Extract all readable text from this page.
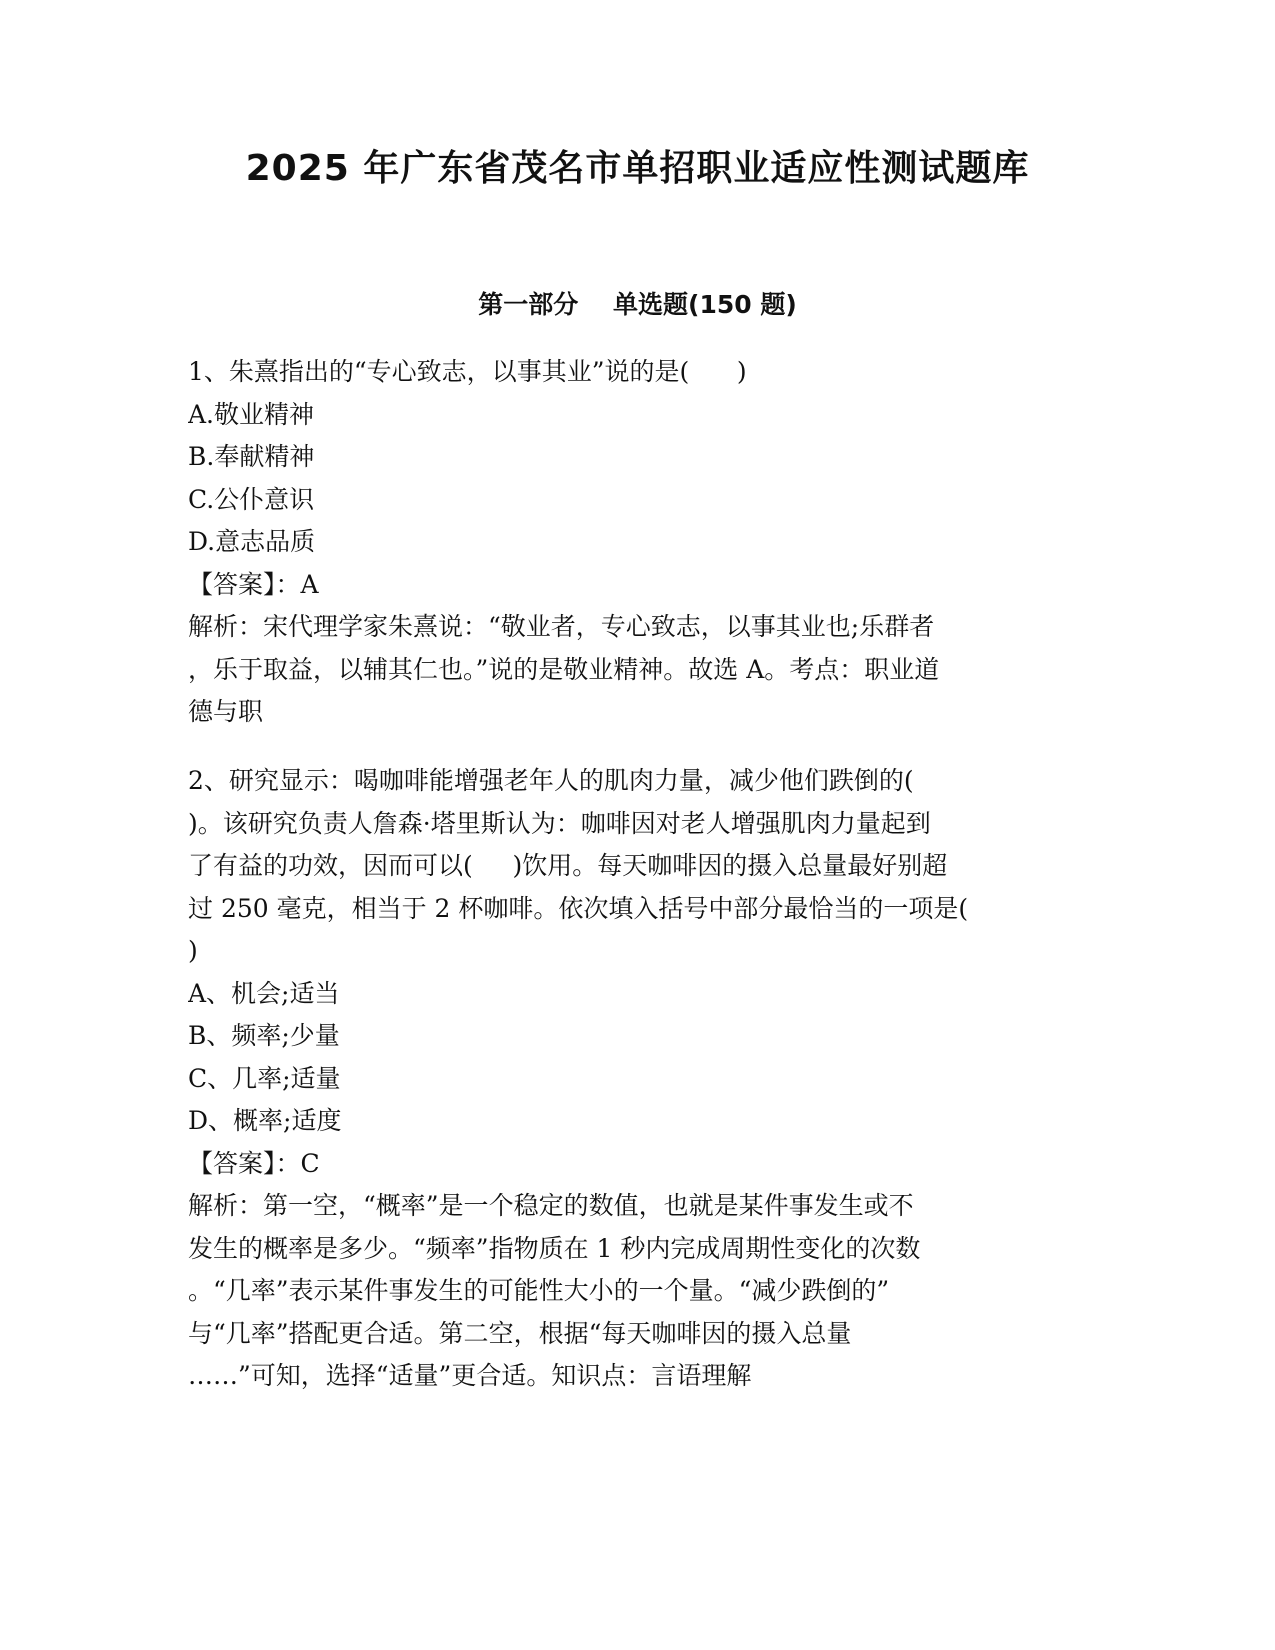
2025 年广东省茂名市单招职业适应性测试题库
第一部分    单选题(150 题)
1、朱熹指出的“专心致志，以事其业”说的是(      )
A.敬业精神
B.奉献精神
C.公仆意识
D.意志品质
【答案】：A
解析：宋代理学家朱熹说：“敬业者，专心致志，以事其业也;乐群者
，乐于取益，以辅其仁也。”说的是敬业精神。故选 A。考点：职业道
德与职
2、研究显示：喝咖啡能增强老年人的肌肉力量，减少他们跌倒的(
)。该研究负责人詹森·塔里斯认为：咖啡因对老人增强肌肉力量起到
了有益的功效，因而可以(     )饮用。每天咖啡因的摄入总量最好别超
过 250 毫克，相当于 2 杯咖啡。依次填入括号中部分最恰当的一项是(
)
A、机会;适当
B、频率;少量
C、几率;适量
D、概率;适度
【答案】：C
解析：第一空，“概率”是一个稳定的数值，也就是某件事发生或不
发生的概率是多少。“频率”指物质在 1 秒内完成周期性变化的次数
。“几率”表示某件事发生的可能性大小的一个量。“减少跌倒的”
与“几率”搭配更合适。第二空，根据“每天咖啡因的摄入总量
……”可知，选择“适量”更合适。知识点：言语理解
